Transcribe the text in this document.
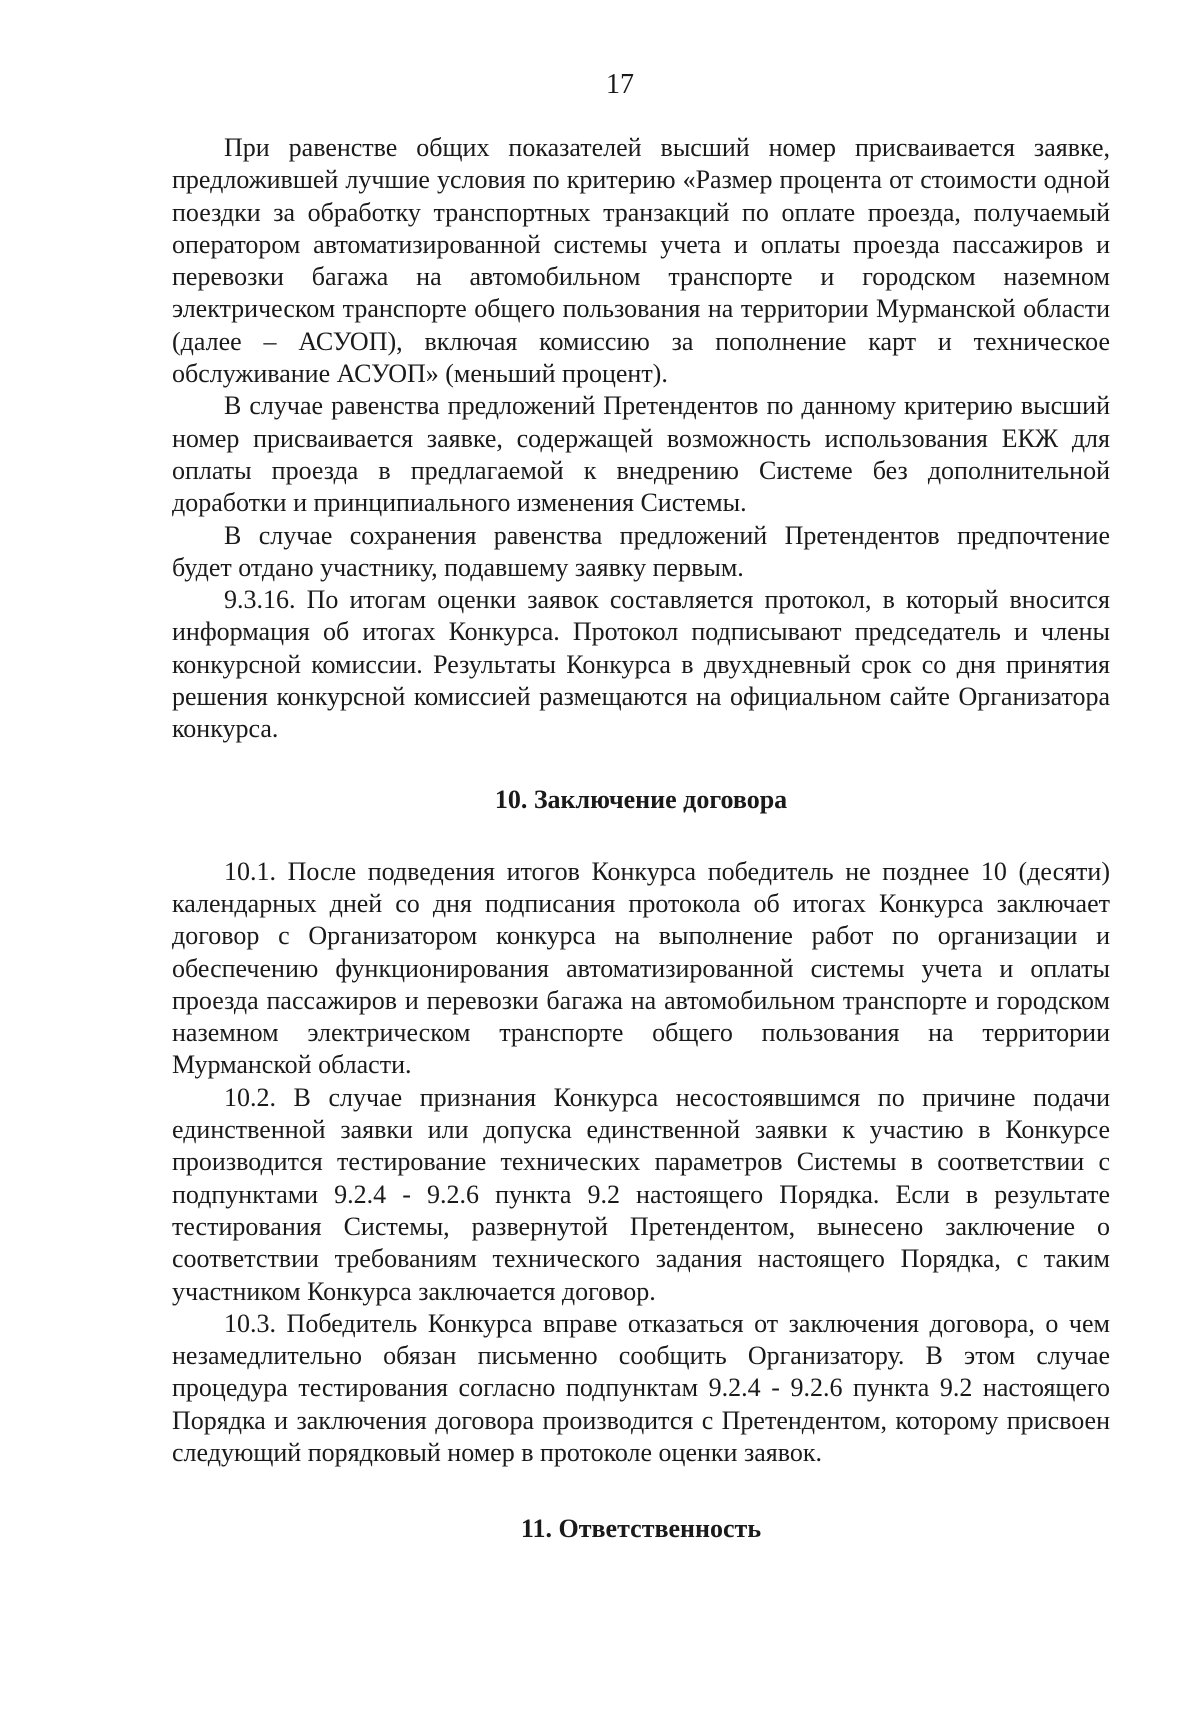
17

При равенстве общих показателей высший номер присваивается заявке, предложившей лучшие условия по критерию «Размер процента от стоимости одной поездки за обработку транспортных транзакций по оплате проезда, получаемый оператором автоматизированной системы учета и оплаты проезда пассажиров и перевозки багажа на автомобильном транспорте и городском наземном электрическом транспорте общего пользования на территории Мурманской области (далее – АСУОП), включая комиссию за пополнение карт и техническое обслуживание АСУОП» (меньший процент).

В случае равенства предложений Претендентов по данному критерию высший номер присваивается заявке, содержащей возможность использования ЕКЖ для оплаты проезда в предлагаемой к внедрению Системе без дополнительной доработки и принципиального изменения Системы.

В случае сохранения равенства предложений Претендентов предпочтение будет отдано участнику, подавшему заявку первым.

9.3.16. По итогам оценки заявок составляется протокол, в который вносится информация об итогах Конкурса. Протокол подписывают председатель и члены конкурсной комиссии. Результаты Конкурса в двухдневный срок со дня принятия решения конкурсной комиссией размещаются на официальном сайте Организатора конкурса.

10. Заключение договора

10.1. После подведения итогов Конкурса победитель не позднее 10 (десяти) календарных дней со дня подписания протокола об итогах Конкурса заключает договор с Организатором конкурса на выполнение работ по организации и обеспечению функционирования автоматизированной системы учета и оплаты проезда пассажиров и перевозки багажа на автомобильном транспорте и городском наземном электрическом транспорте общего пользования на территории Мурманской области.

10.2. В случае признания Конкурса несостоявшимся по причине подачи единственной заявки или допуска единственной заявки к участию в Конкурсе производится тестирование технических параметров Системы в соответствии с подпунктами 9.2.4 - 9.2.6 пункта 9.2 настоящего Порядка. Если в результате тестирования Системы, развернутой Претендентом, вынесено заключение о соответствии требованиям технического задания настоящего Порядка, с таким участником Конкурса заключается договор.

10.3. Победитель Конкурса вправе отказаться от заключения договора, о чем незамедлительно обязан письменно сообщить Организатору. В этом случае процедура тестирования согласно подпунктам 9.2.4 - 9.2.6 пункта 9.2 настоящего Порядка и заключения договора производится с Претендентом, которому присвоен следующий порядковый номер в протоколе оценки заявок.

11. Ответственность
